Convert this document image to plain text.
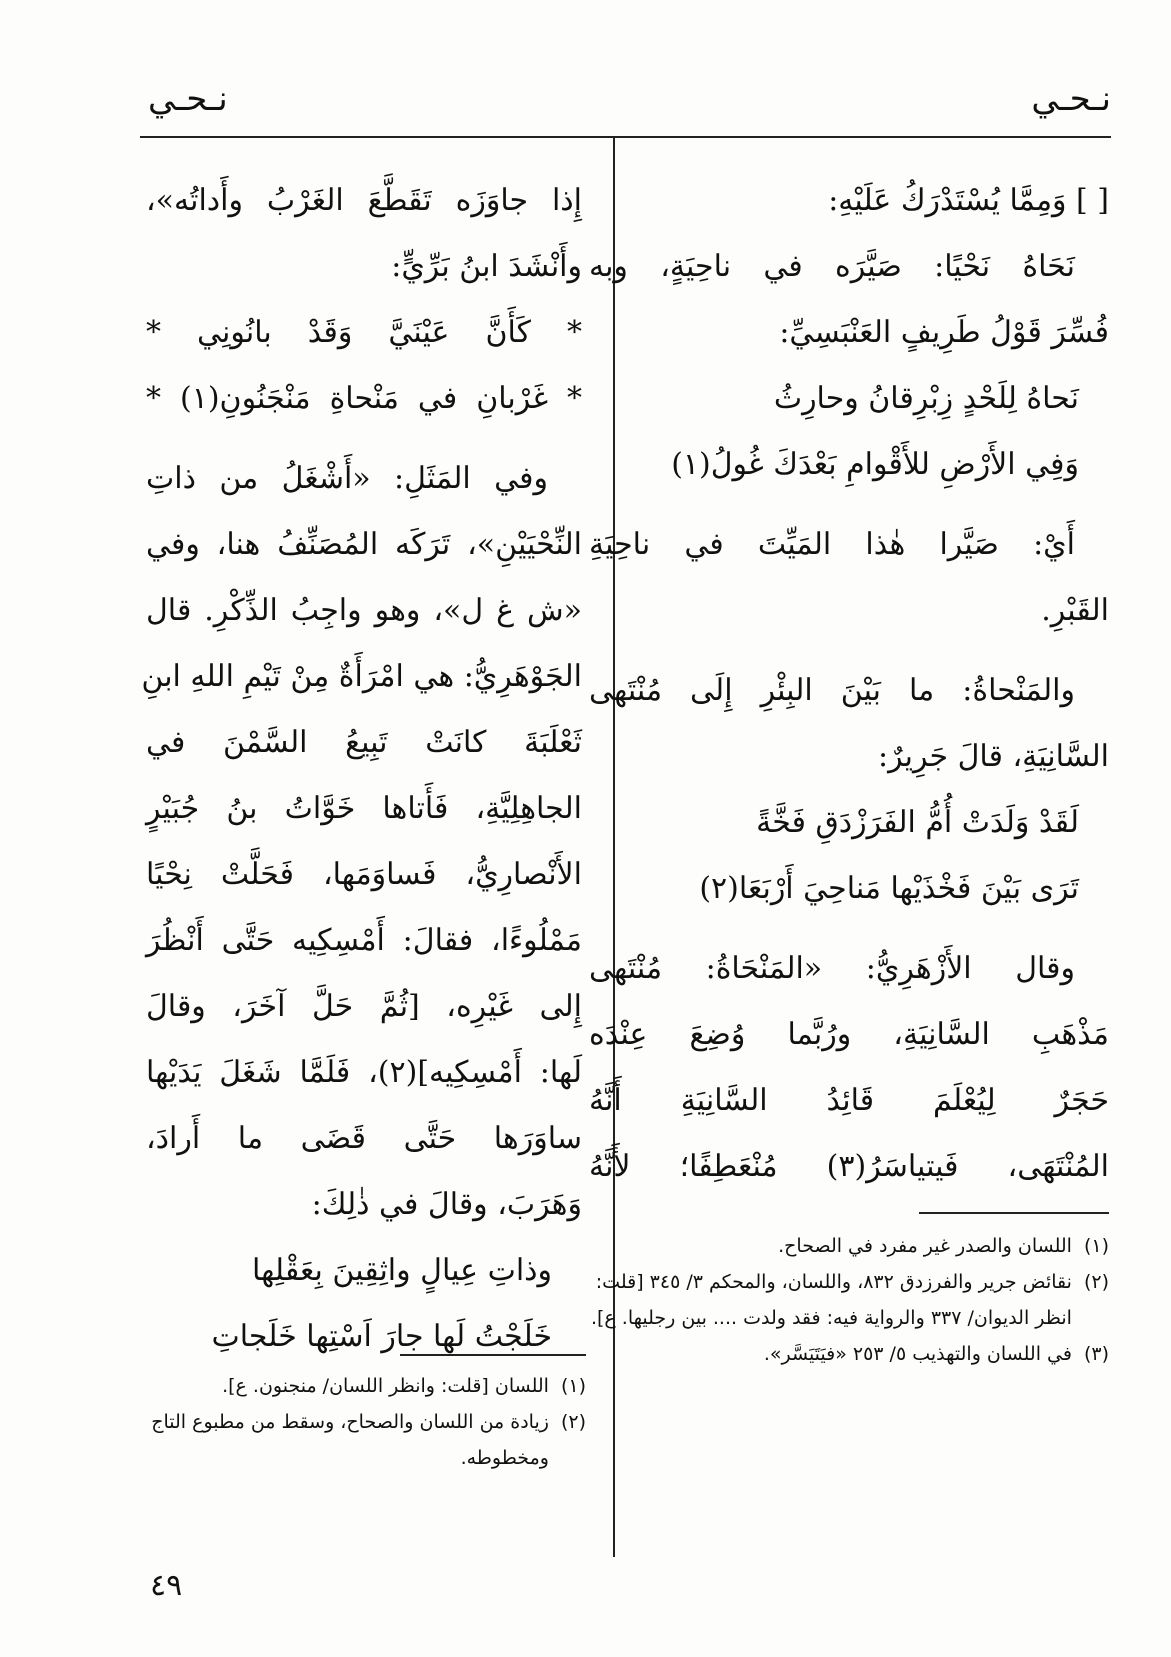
نـحـي
نـحـي
[ ] وَمِمَّا يُسْتَدْرَكُ عَلَيْهِ:
نَحَاهُ نَحْيًا: صَيَّرَه في ناحِيَةٍ، وبه
فُسِّرَ قَوْلُ طَرِيفٍ العَنْبَسِيِّ:
نَحاهُ لِلَحْدٍ زِبْرِقانُ وحارِثُ
وَفِي الأَرْضِ للأَقْوامِ بَعْدَكَ غُولُ(١)
أَيْ: صَيَّرا هٰذا المَيِّتَ في ناحِيَةِ
القَبْرِ.
والمَنْحاةُ: ما بَيْنَ البِئْرِ إِلَى مُنْتَهى
السَّانِيَةِ، قالَ جَرِيرٌ:
لَقَدْ وَلَدَتْ أُمُّ الفَرَزْدَقِ فَخَّةً
تَرَى بَيْنَ فَخْذَيْها مَناحِيَ أَرْبَعَا(٢)
وقال الأَزْهَرِيُّ: «المَنْحَاةُ: مُنْتَهى
مَذْهَبِ السَّانِيَةِ، ورُبَّما وُضِعَ عِنْدَه
حَجَرٌ لِيُعْلَمَ قَائِدُ السَّانِيَةِ أَنَّهُ
المُنْتَهَى، فَيتياسَرُ(٣) مُنْعَطِفًا؛ لأَنَّهُ
إِذا جاوَزَه تَقَطَّعَ الغَرْبُ وأَداتُه»،
وأَنْشَدَ ابنُ بَرِّيٍّ:
* كَأَنَّ عَيْنَيَّ وَقَدْ بانُونِي *
* غَرْبانِ في مَنْحاةِ مَنْجَنُونِ(١) *
وفي المَثَلِ: «أَشْغَلُ من ذاتِ
النِّحْيَيْنِ»، تَرَكَه المُصَنِّفُ هنا، وفي
«ش غ ل»، وهو واجِبُ الذِّكْرِ. قال
الجَوْهَرِيُّ: هي امْرَأَةٌ مِنْ تَيْمِ اللهِ ابنِ
ثَعْلَبَةَ كانَتْ تَبِيعُ السَّمْنَ في
الجاهِلِيَّةِ، فَأَتاها خَوَّاتُ بنُ جُبَيْرٍ
الأَنْصارِيُّ، فَساوَمَها، فَحَلَّتْ نِحْيًا
مَمْلُوءًا، فقالَ: أَمْسِكِيه حَتَّى أَنْظُرَ
إِلى غَيْرِه، [ثُمَّ حَلَّ آخَرَ، وقالَ
لَها: أَمْسِكِيه](٢)، فَلَمَّا شَغَلَ يَدَيْها
ساوَرَها حَتَّى قَضَى ما أَرادَ،
وَهَرَبَ، وقالَ في ذٰلِكَ:
وذاتِ عِيالٍ واثِقِينَ بِعَقْلِها
خَلَجْتُ لَها جارَ اَسْتِها خَلَجاتِ
(١)
اللسان والصدر غير مفرد في الصحاح.
(٢)
نقائض جرير والفرزدق ٨٣٢، واللسان، والمحكم ٣/ ٣٤٥ [قلت: انظر الديوان/ ٣٣٧ والرواية فيه: فقد ولدت .... بين رجليها. ع].
(٣)
في اللسان والتهذيب ٥/ ٢٥٣ «فيَتَيَسَّر».
(١)
اللسان [قلت: وانظر اللسان/ منجنون. ع].
(٢)
زيادة من اللسان والصحاح، وسقط من مطبوع التاج ومخطوطه.
٤٩
